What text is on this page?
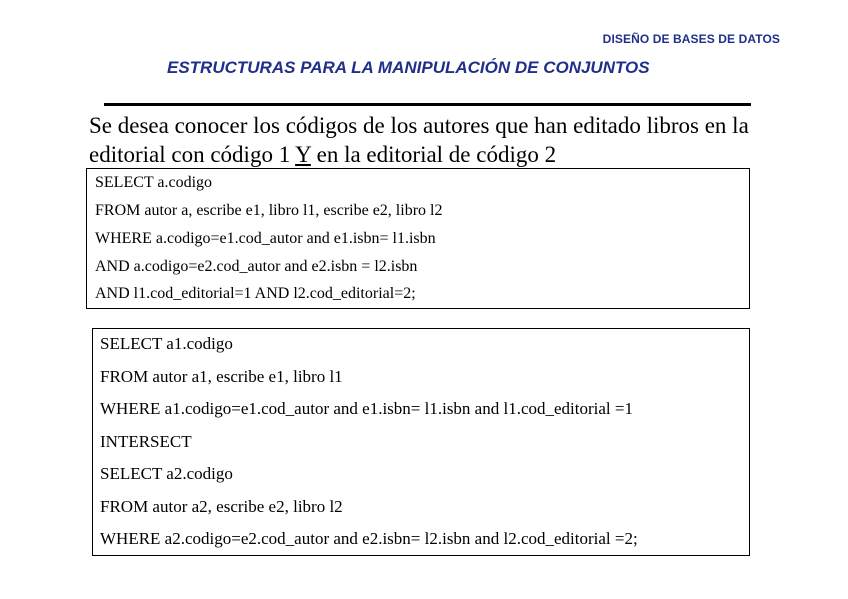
DISEÑO DE BASES DE DATOS
ESTRUCTURAS PARA LA MANIPULACIÓN DE CONJUNTOS
Se desea conocer los códigos de los autores que han editado libros en la editorial con código 1 Y en la editorial de código 2
SELECT a.codigo
FROM autor a, escribe e1, libro l1, escribe e2, libro l2
WHERE a.codigo=e1.cod_autor and e1.isbn= l1.isbn
AND a.codigo=e2.cod_autor and e2.isbn = l2.isbn
AND l1.cod_editorial=1 AND l2.cod_editorial=2;
SELECT a1.codigo
FROM autor a1, escribe e1, libro l1
WHERE a1.codigo=e1.cod_autor and e1.isbn= l1.isbn and l1.cod_editorial =1
INTERSECT
SELECT a2.codigo
FROM autor a2, escribe e2, libro l2
WHERE a2.codigo=e2.cod_autor and e2.isbn= l2.isbn and l2.cod_editorial =2;
